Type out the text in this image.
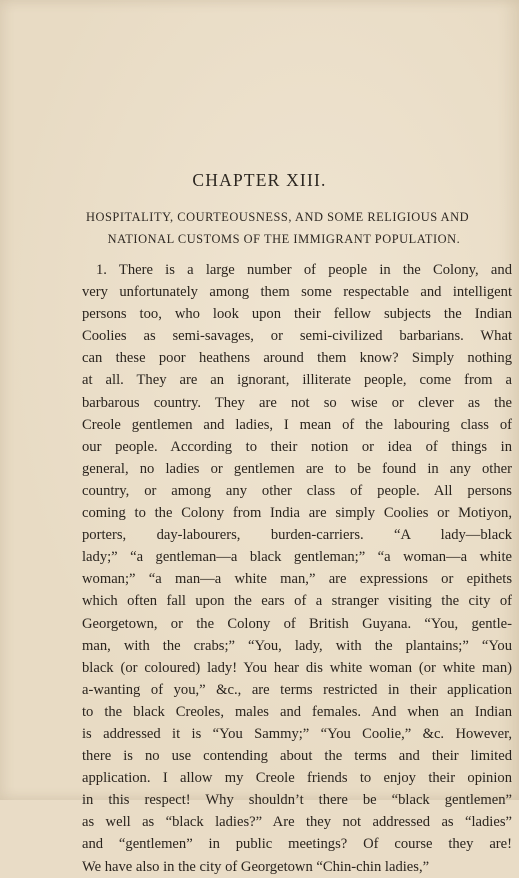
CHAPTER XIII.
HOSPITALITY, COURTEOUSNESS, AND SOME RELIGIOUS AND
NATIONAL CUSTOMS OF THE IMMIGRANT POPULATION.
1. There is a large number of people in the Colony, and
very unfortunately among them some respectable and intelligent
persons too, who look upon their fellow subjects the Indian
Coolies as semi-savages, or semi-civilized barbarians. What
can these poor heathens around them know? Simply nothing
at all. They are an ignorant, illiterate people, come from a
barbarous country. They are not so wise or clever as the
Creole gentlemen and ladies, I mean of the labouring class of
our people. According to their notion or idea of things in
general, no ladies or gentlemen are to be found in any other
country, or among any other class of people. All persons
coming to the Colony from India are simply Coolies or Motiyon,
porters, day-labourers, burden-carriers. “A lady—black
lady;” “a gentleman—a black gentleman;” “a woman—a white
woman;” “a man—a white man,” are expressions or epithets
which often fall upon the ears of a stranger visiting the city of
Georgetown, or the Colony of British Guyana. “You, gentle-
man, with the crabs;” “You, lady, with the plantains;” “You
black (or coloured) lady! You hear dis white woman (or white man)
a-wanting of you,” &c., are terms restricted in their application
to the black Creoles, males and females. And when an Indian
is addressed it is “You Sammy;” “You Coolie,” &c. However,
there is no use contending about the terms and their limited
application. I allow my Creole friends to enjoy their opinion
in this respect! Why shouldn’t there be “black gentlemen”
as well as “black ladies?” Are they not addressed as “ladies”
and “gentlemen” in public meetings? Of course they are!
We have also in the city of Georgetown “Chin-chin ladies,”
